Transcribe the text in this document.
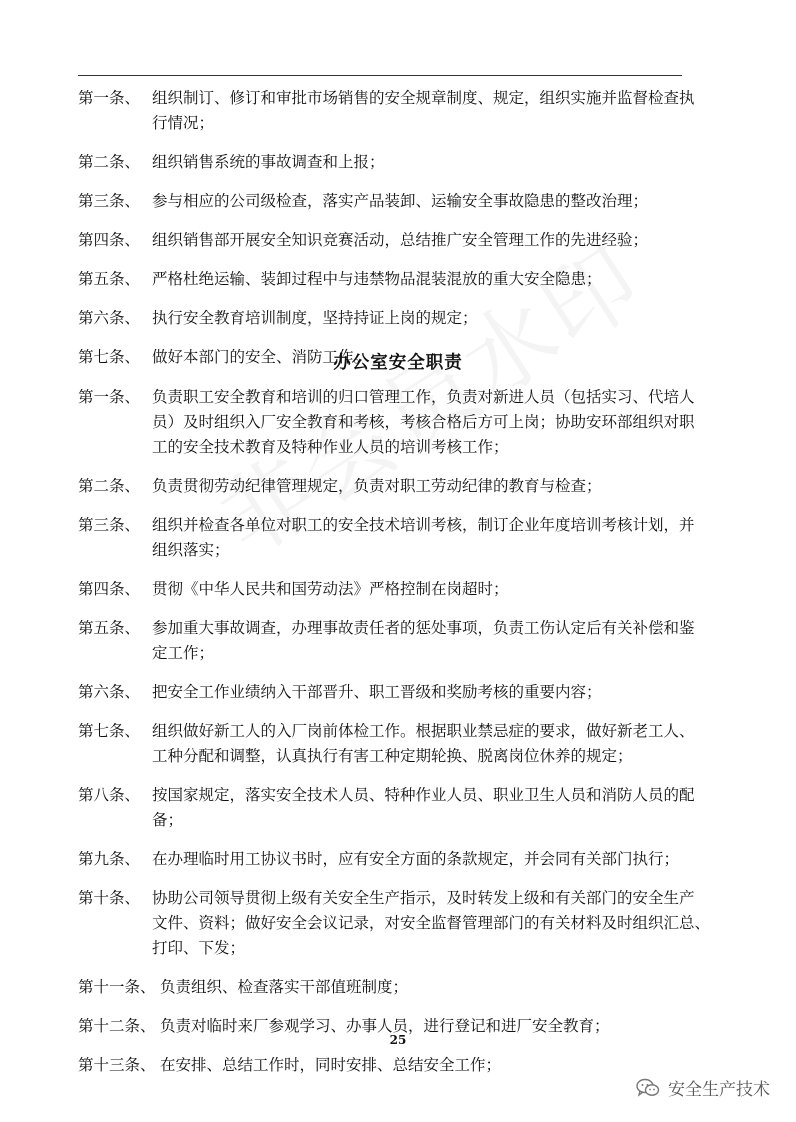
第一条、 组织制订、修订和审批市场销售的安全规章制度、规定，组织实施并监督检查执
行情况；
第二条、 组织销售系统的事故调查和上报；
第三条、 参与相应的公司级检查，落实产品装卸、运输安全事故隐患的整改治理；
第四条、 组织销售部开展安全知识竞赛活动，总结推广安全管理工作的先进经验；
第五条、 严格杜绝运输、装卸过程中与违禁物品混装混放的重大安全隐患；
第六条、 执行安全教育培训制度，坚持持证上岗的规定；
第七条、 做好本部门的安全、消防工作。
办公室安全职责
第一条、 负责职工安全教育和培训的归口管理工作，负责对新进人员（包括实习、代培人
员）及时组织入厂安全教育和考核，考核合格后方可上岗；协助安环部组织对职
工的安全技术教育及特种作业人员的培训考核工作；
第二条、 负责贯彻劳动纪律管理规定，负责对职工劳动纪律的教育与检查；
第三条、 组织并检查各单位对职工的安全技术培训考核，制订企业年度培训考核计划，并
组织落实；
第四条、 贯彻《中华人民共和国劳动法》严格控制在岗超时；
第五条、 参加重大事故调查，办理事故责任者的惩处事项，负责工伤认定后有关补偿和鉴
定工作；
第六条、 把安全工作业绩纳入干部晋升、职工晋级和奖励考核的重要内容；
第七条、 组织做好新工人的入厂岗前体检工作。根据职业禁忌症的要求，做好新老工人、
工种分配和调整，认真执行有害工种定期轮换、脱离岗位休养的规定；
第八条、 按国家规定，落实安全技术人员、特种作业人员、职业卫生人员和消防人员的配
备；
第九条、 在办理临时用工协议书时，应有安全方面的条款规定，并会同有关部门执行；
第十条、 协助公司领导贯彻上级有关安全生产指示，及时转发上级和有关部门的安全生产
文件、资料；做好安全会议记录，对安全监督管理部门的有关材料及时组织汇总、
打印、下发；
第十一条、 负责组织、检查落实干部值班制度；
第十二条、 负责对临时来厂参观学习、办事人员，进行登记和进厂安全教育；
第十三条、 在安排、总结工作时，同时安排、总结安全工作；
25
安全生产技术
